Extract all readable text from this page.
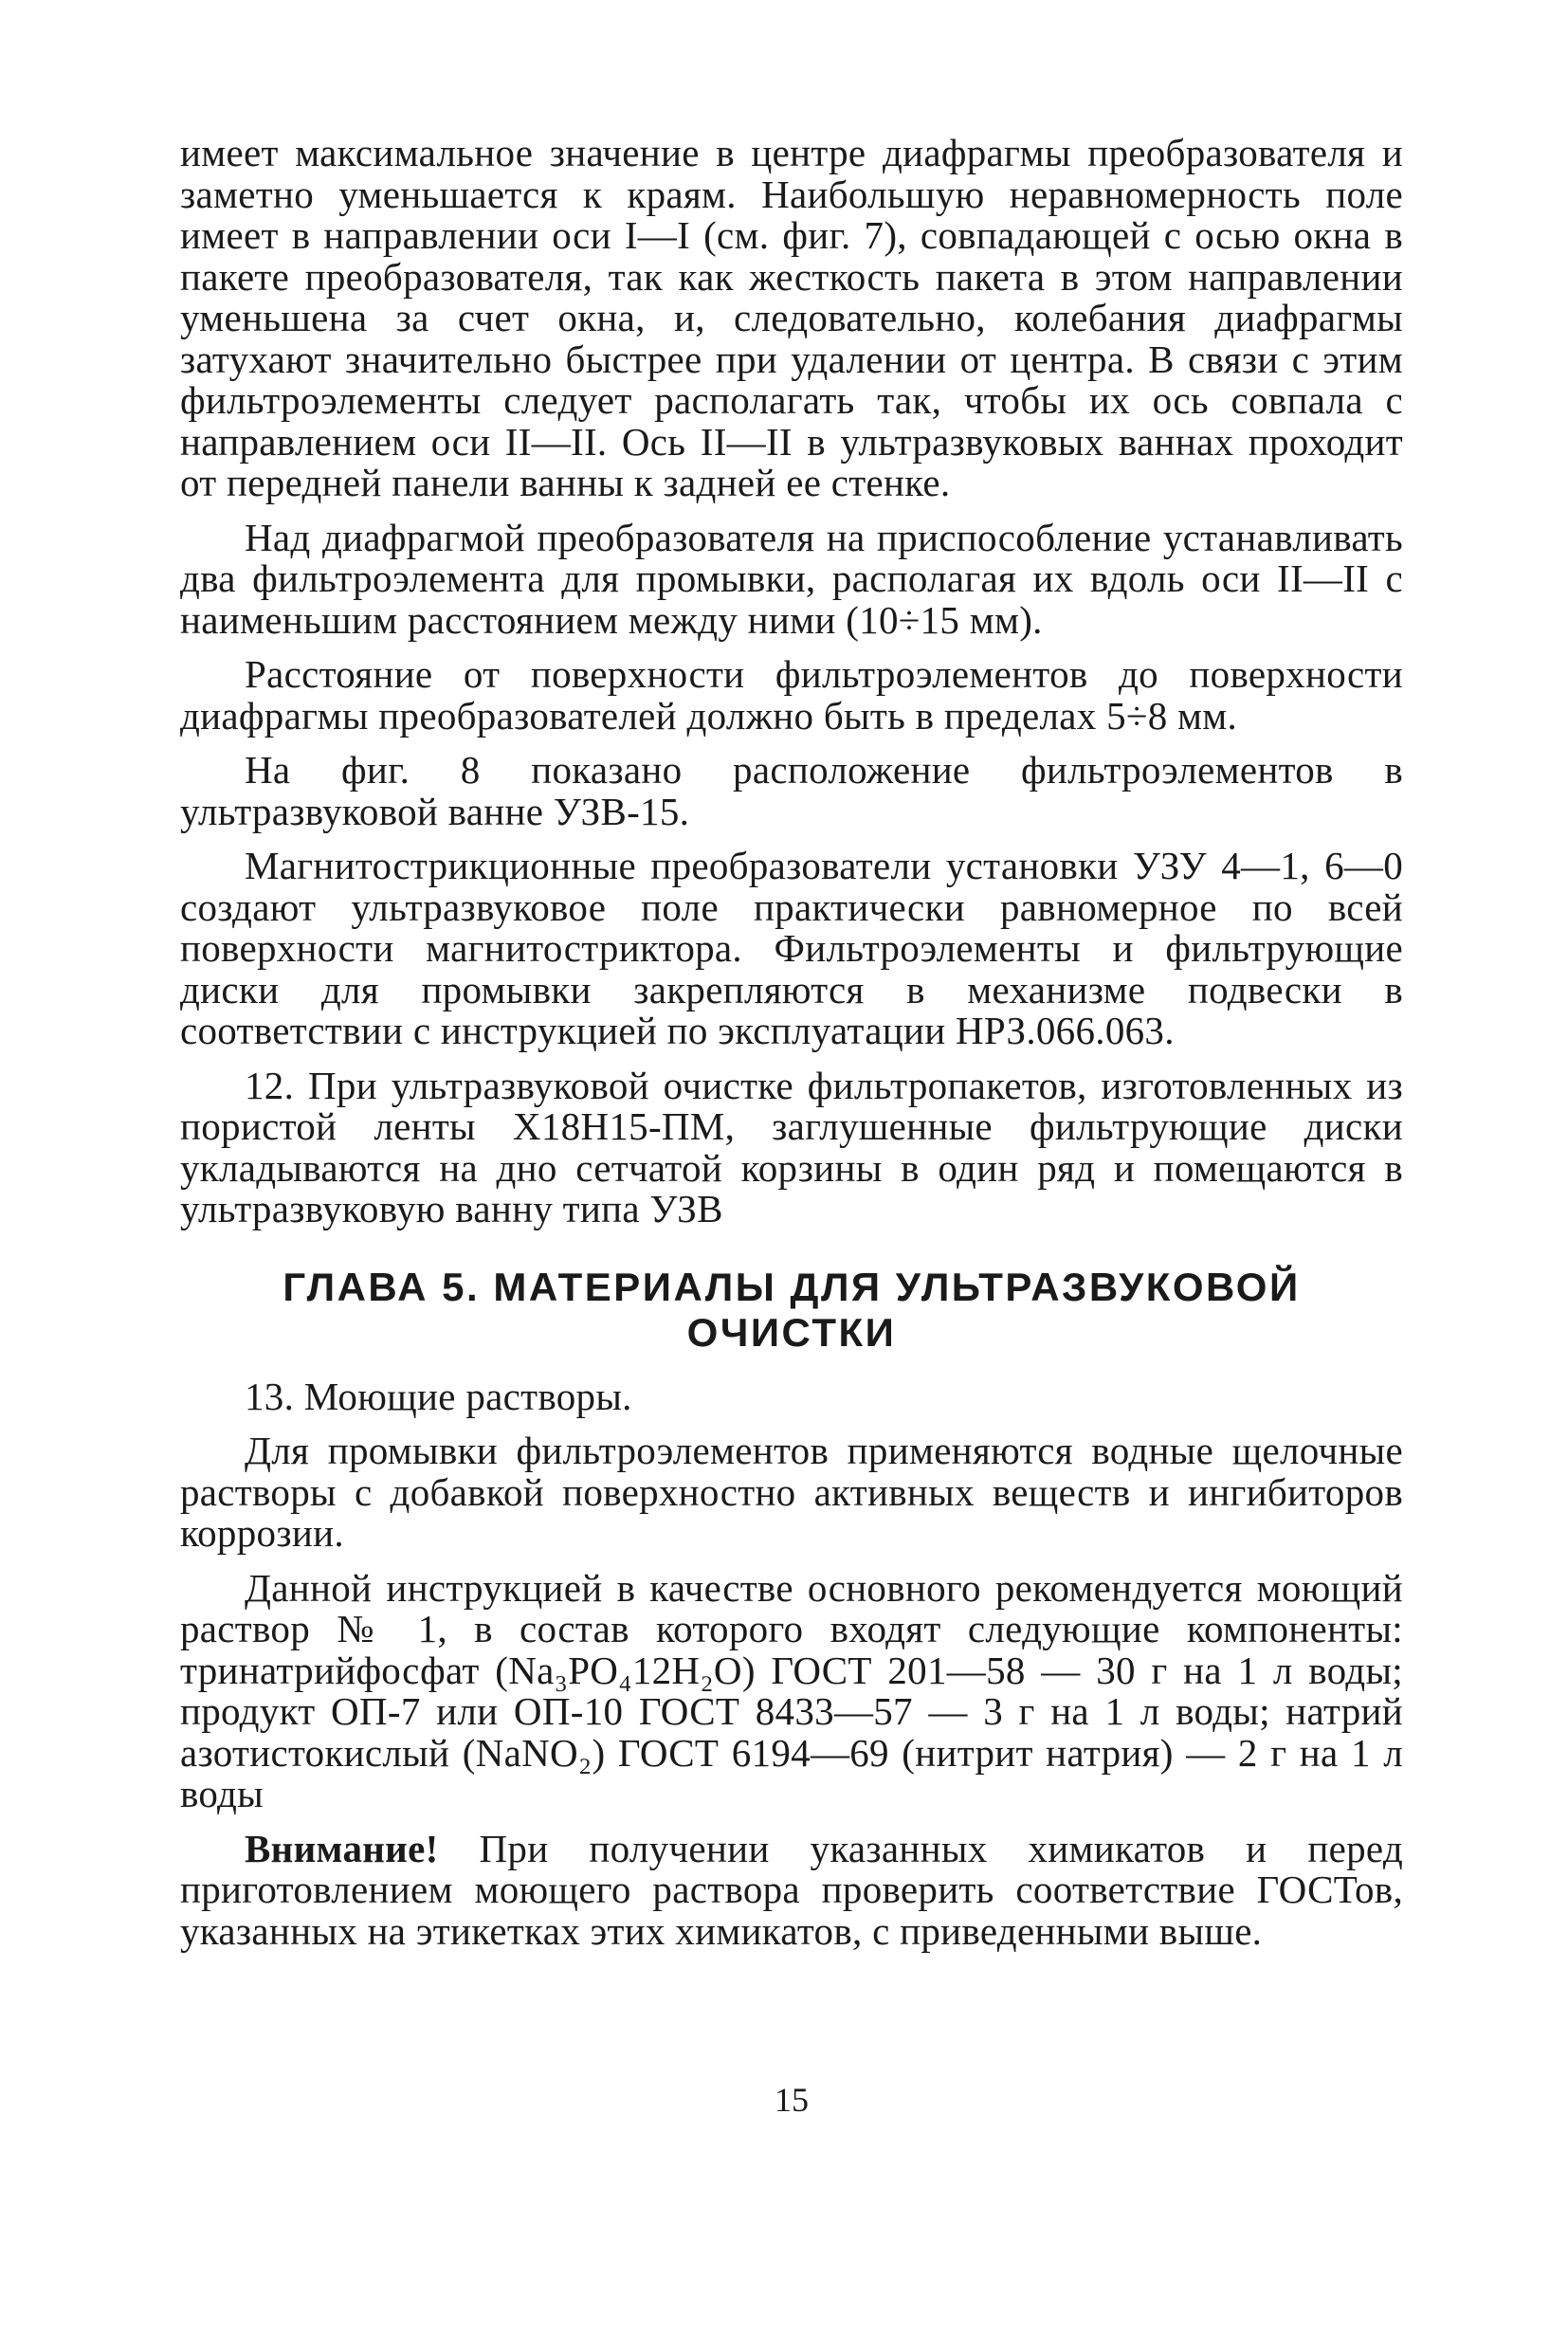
имеет максимальное значение в центре диафрагмы преобразователя и заметно уменьшается к краям. Наибольшую неравномерность поле имеет в направлении оси I—I (см. фиг. 7), совпадающей с осью окна в пакете преобразователя, так как жесткость пакета в этом направлении уменьшена за счет окна, и, следовательно, колебания диафрагмы затухают значительно быстрее при удалении от центра. В связи с этим фильтроэлементы следует располагать так, чтобы их ось совпала с направлением оси II—II. Ось II—II в ультразвуковых ваннах проходит от передней панели ванны к задней ее стенке.

Над диафрагмой преобразователя на приспособление устанавливать два фильтроэлемента для промывки, располагая их вдоль оси II—II с наименьшим расстоянием между ними (10÷15 мм).

Расстояние от поверхности фильтроэлементов до поверхности диафрагмы преобразователей должно быть в пределах 5÷8 мм.

На фиг. 8 показано расположение фильтроэлементов в ультразвуковой ванне УЗВ-15.

Магнитострикционные преобразователи установки УЗУ 4—1, 6—0 создают ультразвуковое поле практически равномерное по всей поверхности магнитостриктора. Фильтроэлементы и фильтрующие диски для промывки закрепляются в механизме подвески в соответствии с инструкцией по эксплуатации НРЗ.066.063.

12. При ультразвуковой очистке фильтропакетов, изготовленных из пористой ленты Х18Н15-ПМ, заглушенные фильтрующие диски укладываются на дно сетчатой корзины в один ряд и помещаются в ультразвуковую ванну типа УЗВ

ГЛАВА 5. МАТЕРИАЛЫ ДЛЯ УЛЬТРАЗВУКОВОЙ
ОЧИСТКИ

13. Моющие растворы.

Для промывки фильтроэлементов применяются водные щелочные растворы с добавкой поверхностно активных веществ и ингибиторов коррозии.

Данной инструкцией в качестве основного рекомендуется моющий раствор № 1, в состав которого входят следующие компоненты: тринатрийфосфат (Na₃PO₄12H₂O) ГОСТ 201—58 — 30 г на 1 л воды; продукт ОП-7 или ОП-10 ГОСТ 8433—57 — 3 г на 1 л воды; натрий азотистокислый (NaNO₂) ГОСТ 6194—69 (нитрит натрия) — 2 г на 1 л воды

Внимание! При получении указанных химикатов и перед приготовлением моющего раствора проверить соответствие ГОСТов, указанных на этикетках этих химикатов, с приведенными выше.

15
